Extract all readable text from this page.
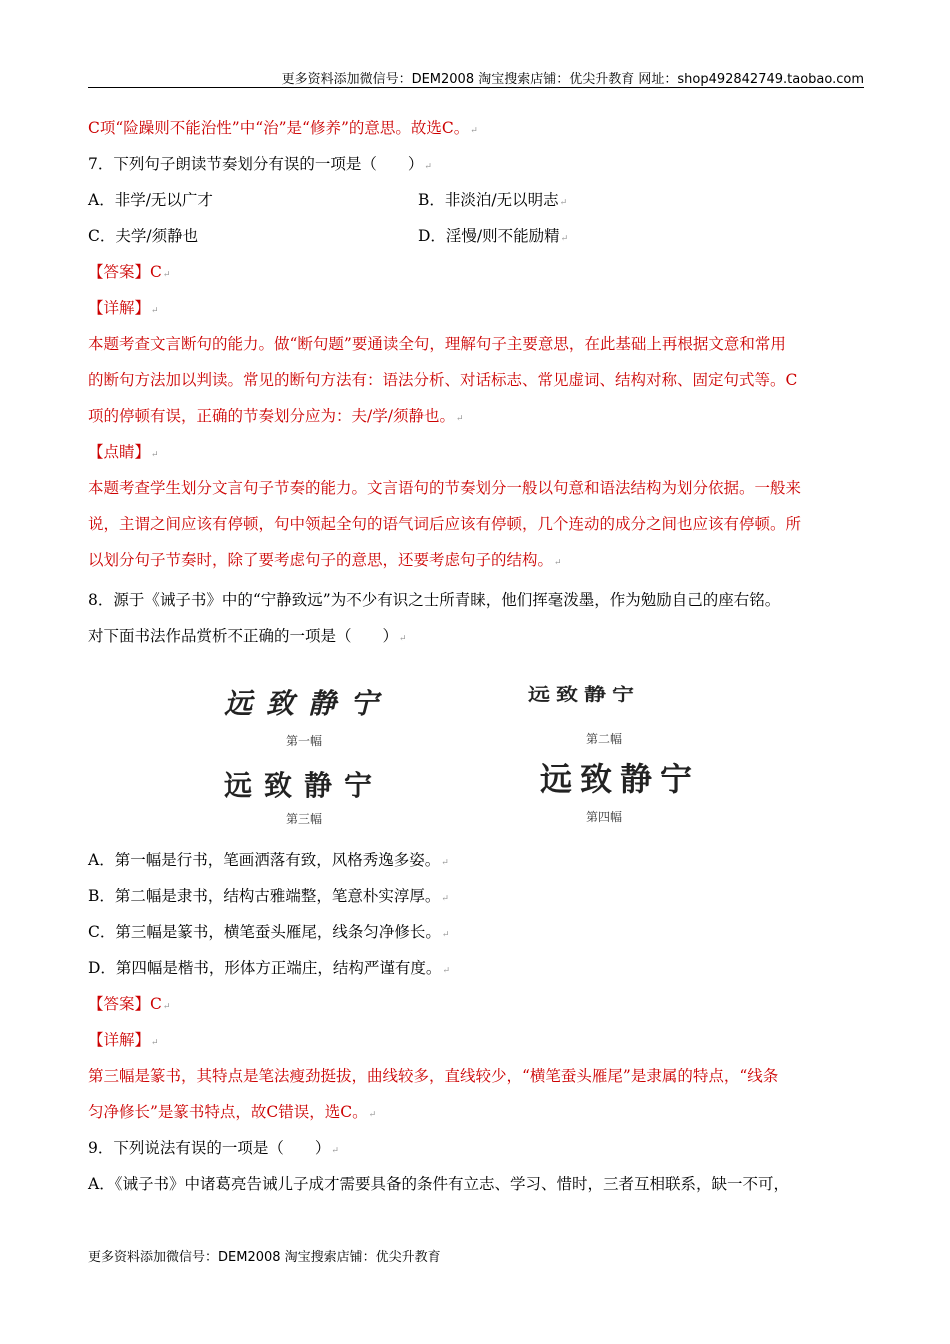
更多资料添加微信号：DEM2008 淘宝搜索店铺：优尖升教育 网址：shop492842749.taobao.com
C项“险躁则不能治性”中“治”是“修养”的意思。故选C。↵
7．下列句子朗读节奏划分有误的一项是（　　）↵
A．非学/无以广才	B．非淡泊/无以明志↵
C．夫学/须静也	D．淫慢/则不能励精↵
【答案】C↵
【详解】↵
本题考查文言断句的能力。做“断句题”要通读全句，理解句子主要意思，在此基础上再根据文意和常用
的断句方法加以判读。常见的断句方法有：语法分析、对话标志、常见虚词、结构对称、固定句式等。C
项的停顿有误，正确的节奏划分应为：夫/学/须静也。↵
【点睛】↵
本题考查学生划分文言句子节奏的能力。文言语句的节奏划分一般以句意和语法结构为划分依据。一般来
说，主谓之间应该有停顿，句中领起全句的语气词后应该有停顿，几个连动的成分之间也应该有停顿。所
以划分句子节奏时，除了要考虑句子的意思，还要考虑句子的结构。↵
8．源于《诫子书》中的“宁静致远”为不少有识之士所青睐，他们挥毫泼墨，作为勉励自己的座右铭。
对下面书法作品赏析不正确的一项是（　　）↵
远致静宁
第一幅
远致静宁
第三幅
远致静宁
第二幅
远致静宁
第四幅
A．第一幅是行书，笔画洒落有致，风格秀逸多姿。↵
B．第二幅是隶书，结构古雅端整，笔意朴实淳厚。↵
C．第三幅是篆书，横笔蚕头雁尾，线条匀净修长。↵
D．第四幅是楷书，形体方正端庄，结构严谨有度。↵
【答案】C↵
【详解】↵
第三幅是篆书，其特点是笔法瘦劲挺拔，曲线较多，直线较少，“横笔蚕头雁尾”是隶属的特点，“线条
匀净修长”是篆书特点，故C错误，选C。↵
9．下列说法有误的一项是（　　）↵
A．《诫子书》中诸葛亮告诫儿子成才需要具备的条件有立志、学习、惜时，三者互相联系，缺一不可，
更多资料添加微信号：DEM2008 淘宝搜索店铺：优尖升教育
